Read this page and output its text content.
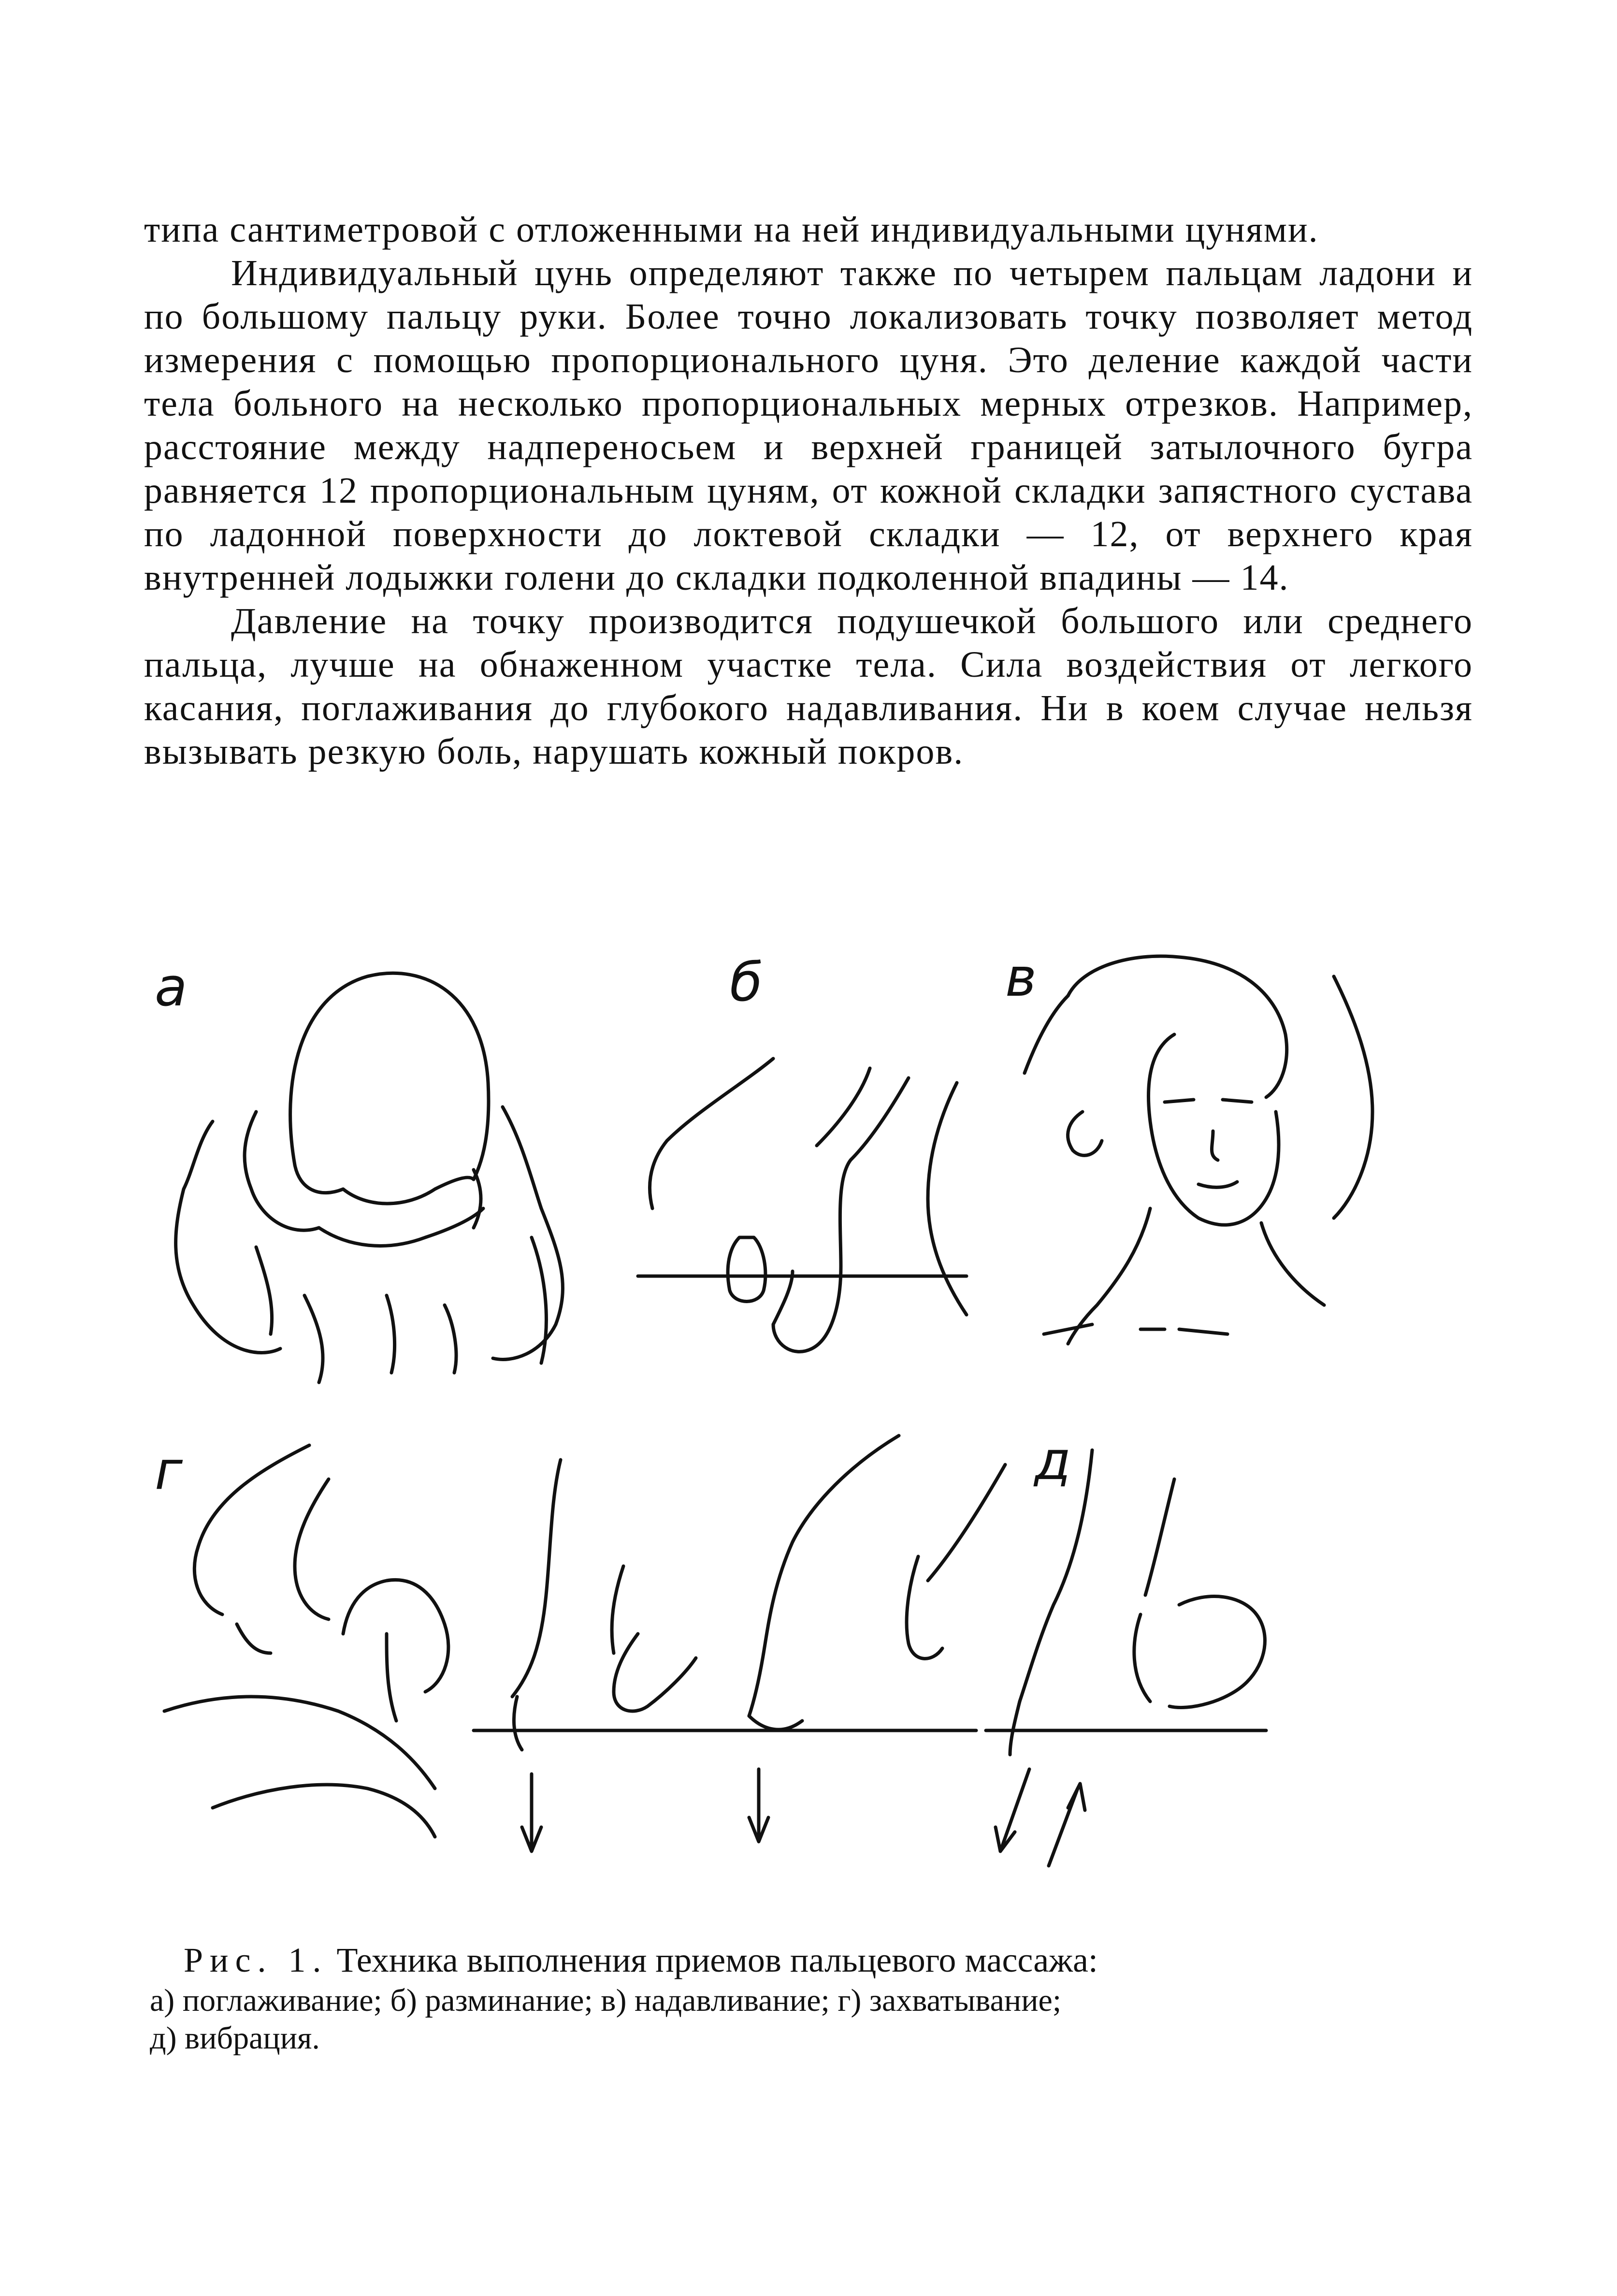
типа сантиметровой с отложенными на ней индивидуальными цунями.

Индивидуальный цунь определяют также по четырем пальцам ладони и по большому пальцу руки. Более точно локализовать точку позволяет метод измерения с помощью пропорционального цуня. Это деление каждой части тела больного на несколько пропорциональных мерных отрезков. Например, расстояние между надпереносьем и верхней границей затылочного бугра равняется 12 пропорциональным цуням, от кожной складки запястного сустава по ладонной поверхности до локтевой складки — 12, от верхнего края внутренней лодыжки голени до складки подколенной впадины — 14.

Давление на точку производится подушечкой большого или среднего пальца, лучше на обнаженном участке тела. Сила воздействия от легкого касания, поглаживания до глубокого надавливания. Ни в коем случае нельзя вызывать резкую боль, нарушать кожный покров.

а	б	в
г	д
Рис. 1. Техника выполнения приемов пальцевого массажа:
а) поглаживание; б) разминание; в) надавливание; г) захватывание;
д) вибрация.
